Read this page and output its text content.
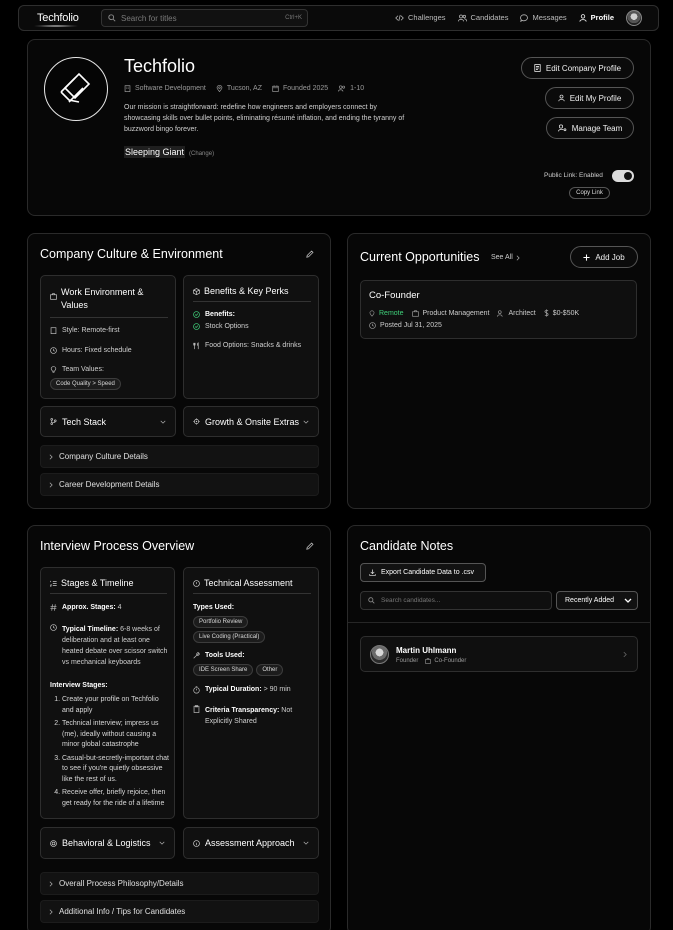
Techfolio	Search for titles	Ctrl+K	Challenges	Candidates	Messages	Profile
Techfolio
Software Development	Tucson, AZ	Founded 2025	1-10
Our mission is straightforward: redefine how engineers and employers connect by showcasing skills over bullet points, eliminating résumé inflation, and ending the tyranny of buzzword bingo forever.
Sleeping Giant (Change)
Edit Company Profile
Edit My Profile
Manage Team
Public Link: Enabled
Copy Link
Company Culture & Environment
Work Environment & Values
Style: Remote-first
Hours: Fixed schedule
Team Values:
Code Quality > Speed
Benefits & Key Perks
Benefits:
Stock Options
Food Options: Snacks & drinks
Tech Stack	Growth & Onsite Extras
Company Culture Details
Career Development Details
Current Opportunities See All	Add Job
Co-Founder
Remote	Product Management	Architect $0-$50K
Posted Jul 31, 2025
Interview Process Overview
Stages & Timeline
Approx. Stages: 4
Typical Timeline: 6-8 weeks of deliberation and at least one heated debate over scissor switch vs mechanical keyboards
Interview Stages:
1. Create your profile on Techfolio and apply
2. Technical interview; impress us (me), ideally without causing a minor global catastrophe
3. Casual-but-secretly-important chat to see if you're quietly obsessive like the rest of us.
4. Receive offer, briefly rejoice, then get ready for the ride of a lifetime
Technical Assessment
Types Used:
Portfolio Review
Live Coding (Practical)
Tools Used:
IDE Screen Share	Other
Typical Duration: > 90 min
Criteria Transparency: Not Explicitly Shared
Behavioral & Logistics	Assessment Approach
Overall Process Philosophy/Details
Additional Info / Tips for Candidates
Candidate Notes
Export Candidate Data to .csv
Search candidates...	Recently Added
Martin Uhlmann
Founder	Co-Founder
